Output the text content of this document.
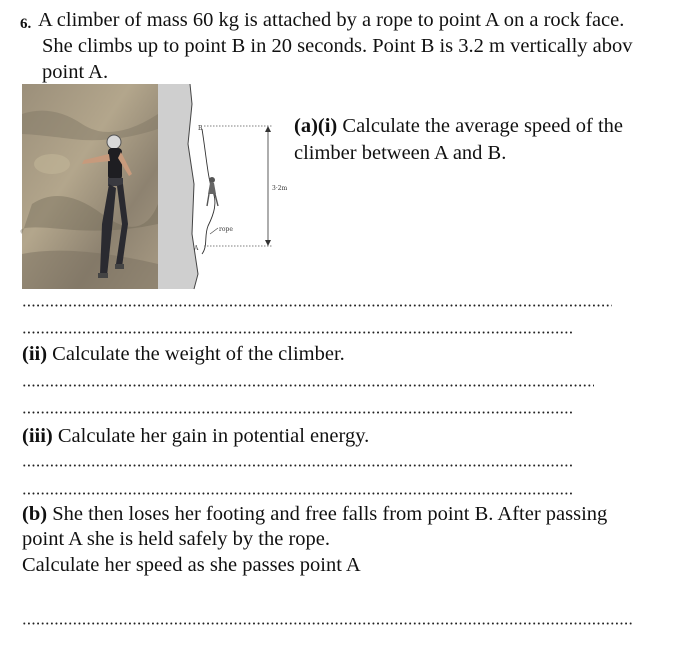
6. A climber of mass 60 kg is attached by a rope to point A on a rock face.
She climbs up to point B in 20 seconds. Point B is 3.2 m vertically abov
point A.
B
A
3·2m
rope
(a)(i) Calculate the average speed of the
climber between A and B.
(ii) Calculate the weight of the climber.
(iii) Calculate her gain in potential energy.
(b) She then loses her footing and free falls from point B. After passing
point A she is held safely by the rope.
Calculate her speed as she passes point A
